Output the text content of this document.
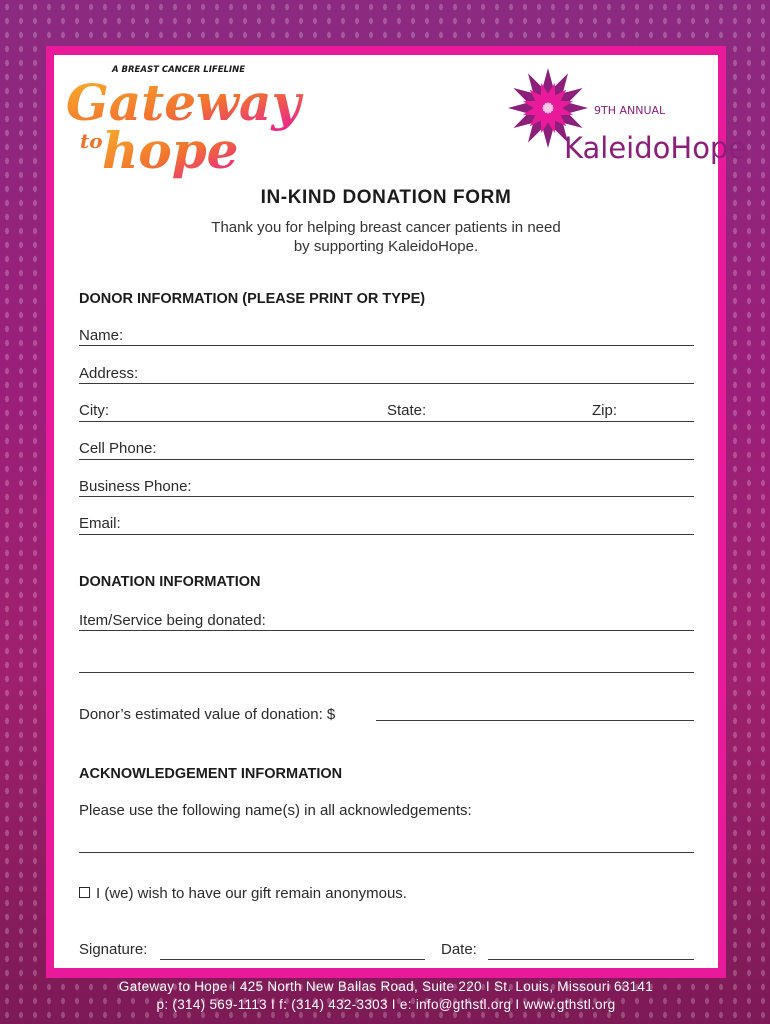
A BREAST CANCER LIFELINE
Gateway
to hope
9TH ANNUAL
KaleidoHope
IN-KIND DONATION FORM
Thank you for helping breast cancer patients in need
by supporting KaleidoHope.
DONOR INFORMATION (PLEASE PRINT OR TYPE)
Name:
Address:
City:	State:	Zip:
Cell Phone:
Business Phone:
Email:
DONATION INFORMATION
Item/Service being donated:
Donor’s estimated value of donation: $
ACKNOWLEDGEMENT INFORMATION
Please use the following name(s) in all acknowledgements:
I (we) wish to have our gift remain anonymous.
Signature:	Date:
Gateway to Hope I 425 North New Ballas Road, Suite 220 I St. Louis, Missouri 63141
p: (314) 569-1113 I f: (314) 432-3303 I e: info@gthstl.org I www.gthstl.org
